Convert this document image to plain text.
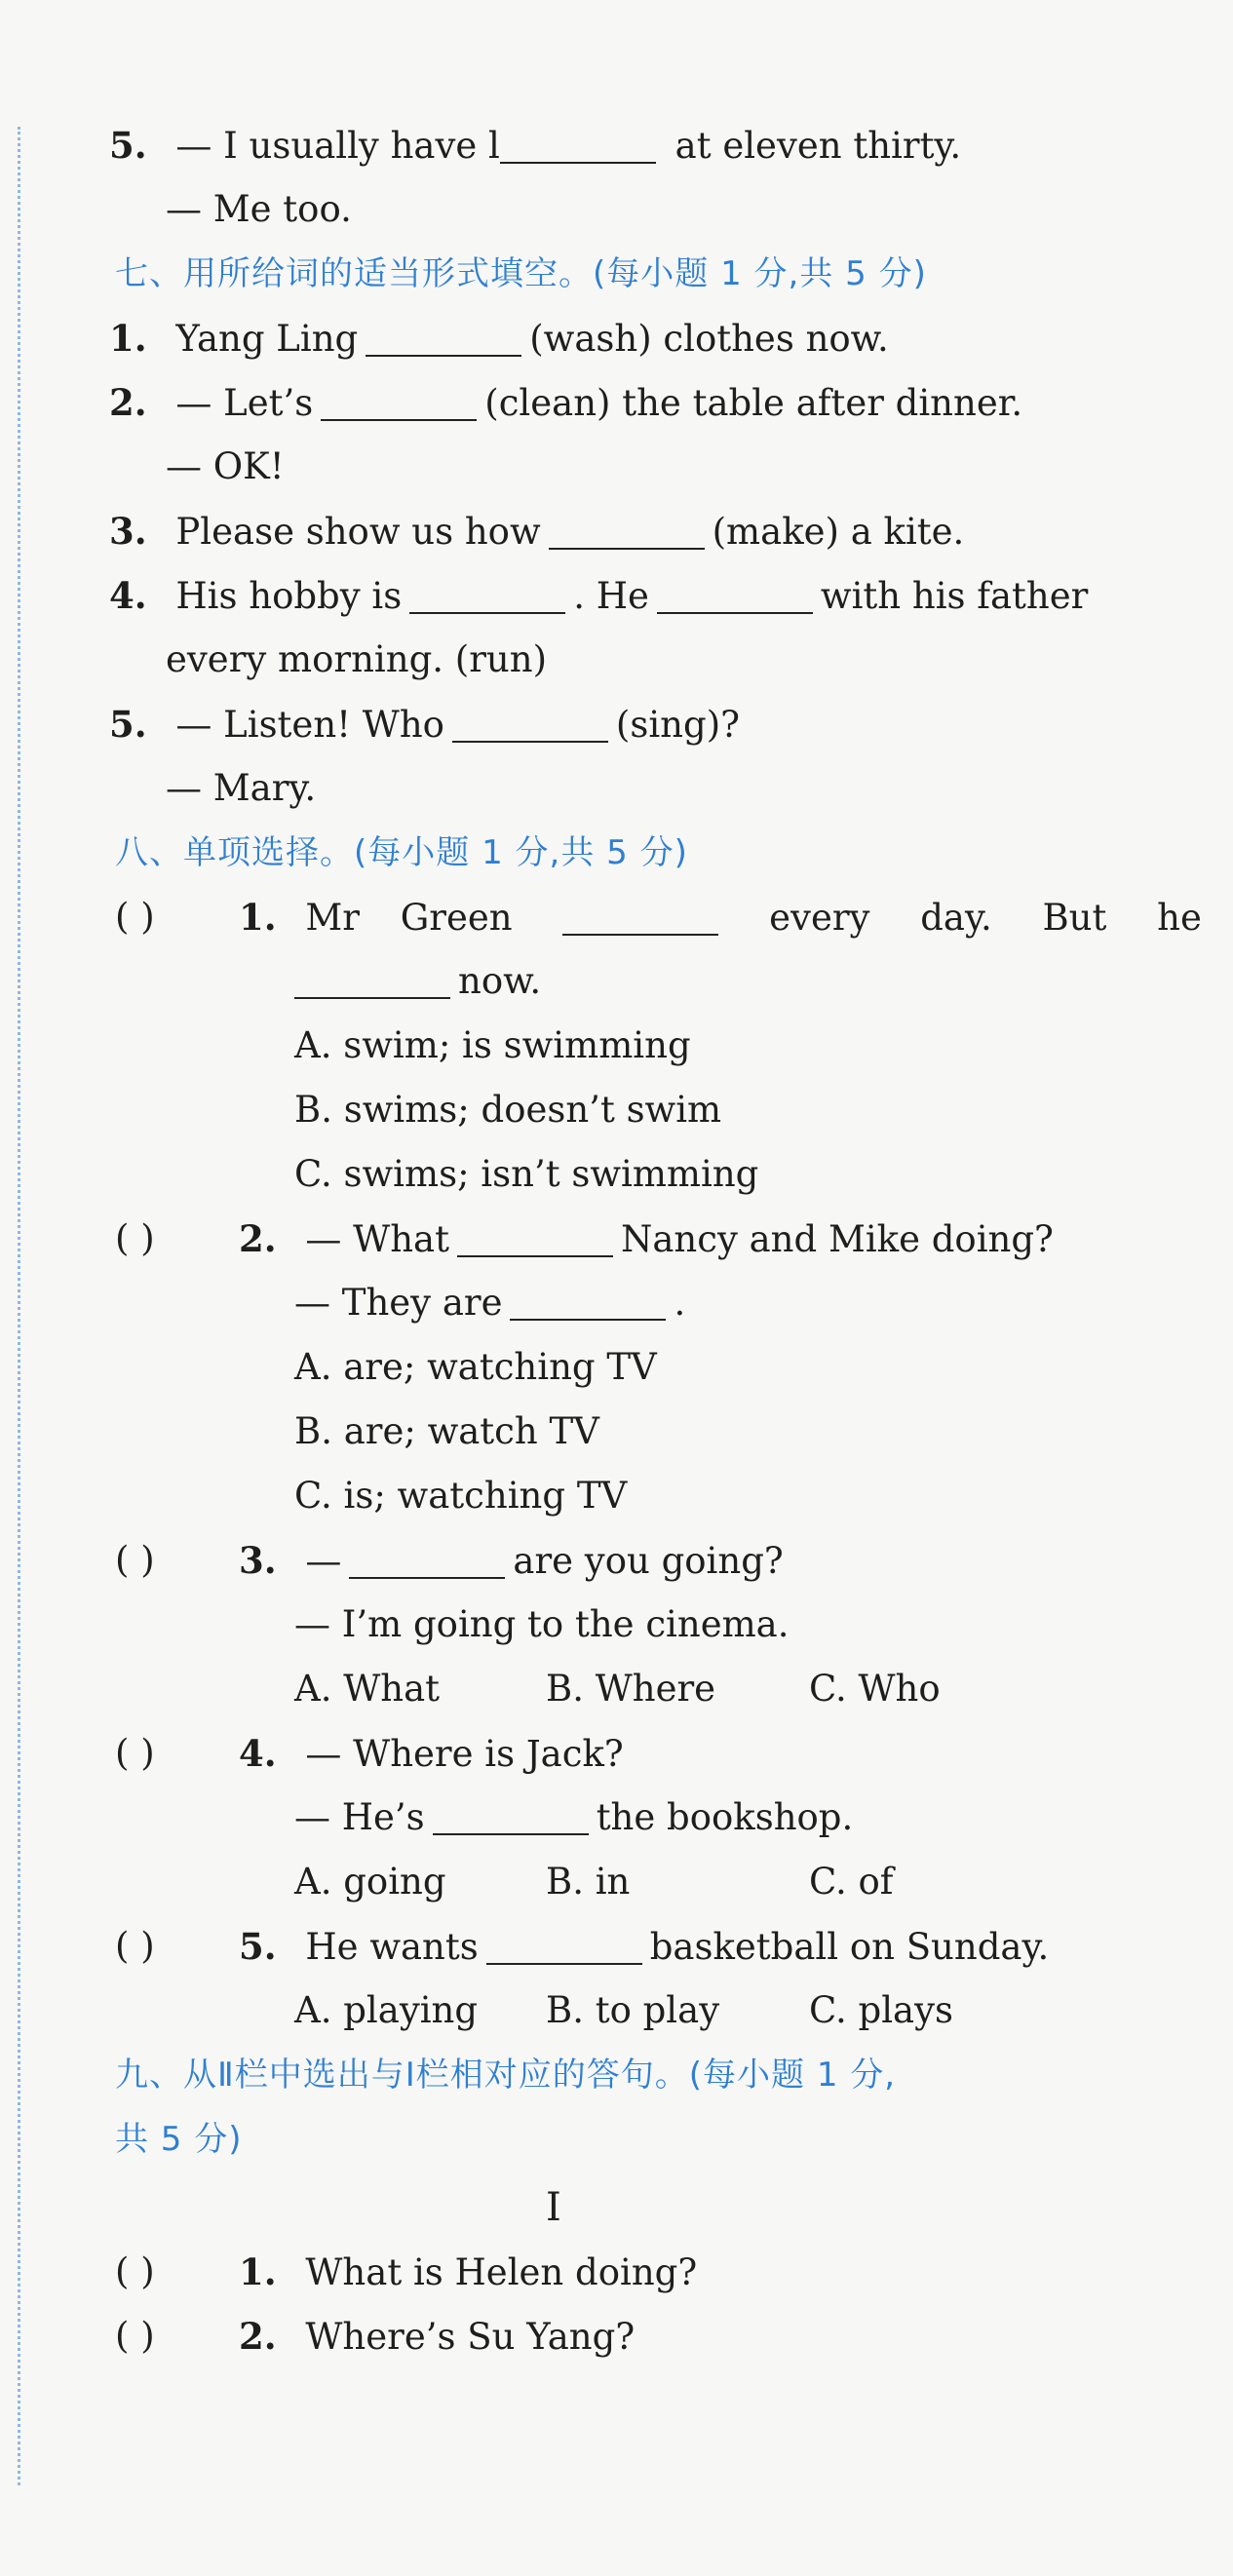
5. — I usually have l	at eleven thirty.
— Me too.
七、用所给词的适当形式填空。(每小题 1 分,共 5 分)
1. Yang Ling	(wash) clothes now.
2. — Let’s	(clean) the table after dinner.
— OK!
3. Please show us how	(make) a kite.
4. His hobby is	. He	with his father
every morning. (run)
5. — Listen! Who	(sing)?
— Mary.
八、单项选择。(每小题 1 分,共 5 分)
( ) 1. Mr Green	every day. But he
now.
A. swim; is swimming
B. swims; doesn’t swim
C. swims; isn’t swimming
( ) 2. — What	Nancy and Mike doing?
— They are	.
A. are; watching TV
B. are; watch TV
C. is; watching TV
( ) 3. —	are you going?
— I’m going to the cinema.
A. What	B. Where	C. Who
( ) 4. — Where is Jack?
— He’s	the bookshop.
A. going	B. in	C. of
( ) 5. He wants	basketball on Sunday.
A. playing B. to play C. plays
九、从Ⅱ栏中选出与Ⅰ栏相对应的答句。(每小题 1 分,
共 5 分)
Ⅰ
( ) 1. What is Helen doing?
( ) 2. Where’s Su Yang?
